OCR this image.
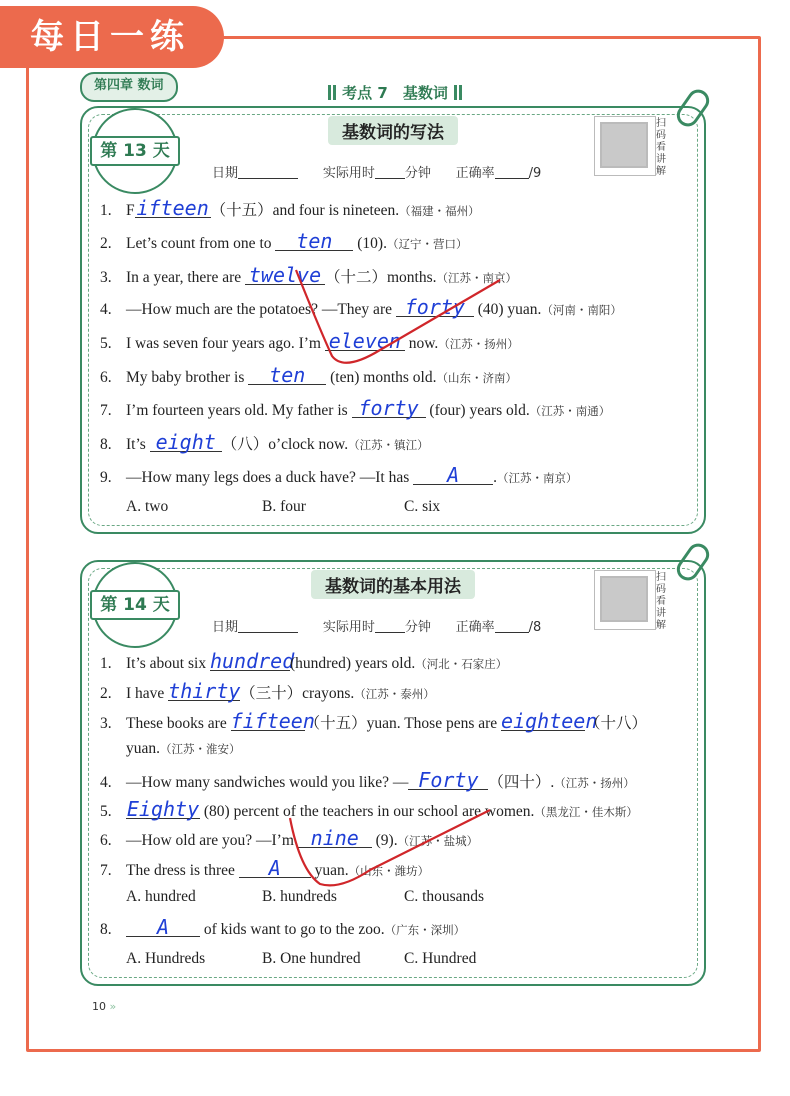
每日一练
第四章 数词	考点 7　基数词
基数词的写法
第 13 天
扫码看讲解
日期	实际用时 分钟 正确率	/9
1. Fifteen （十五）and four is nineteen.（福建・福州）
2. Let’s count from one to ten (10).（辽宁・营口）
3. In a year, there are twelve （十二）months.（江苏・南京）
4. —How much are the potatoes? —They are forty (40) yuan.（河南・南阳）
5. I was seven four years ago. I’m eleven now.（江苏・扬州）
6. My baby brother is ten (ten) months old.（山东・济南）
7. I’m fourteen years old. My father is forty (four) years old.（江苏・南通）
8. It’s eight （八）o’clock now.（江苏・镇江）
9. —How many legs does a duck have? —It has A .（江苏・南京）
A. two	B. four	C. six
基数词的基本用法
第 14 天
扫码看讲解
日期	实际用时 分钟 正确率	/8
1. It’s about six hundred(hundred) years old.（河北・石家庄）
2. I have thirty（三十）crayons.（江苏・泰州）
3. These books are fifteen（十五）yuan. Those pens are eighteen（十八）
yuan.（江苏・淮安）
4. —How many sandwiches would you like? — Forty （四十）.（江苏・扬州）
5. Eighty (80) percent of the teachers in our school are women.（黑龙江・佳木斯）
6. —How old are you? —I’m nine (9).（江苏・盐城）
7. The dress is three A yuan.（山东・潍坊）
8. A of kids want to go to the zoo.（广东・深圳）
A. hundred	B. hundreds	C. thousands
A. Hundreds	B. One hundred	C. Hundred
10 »
